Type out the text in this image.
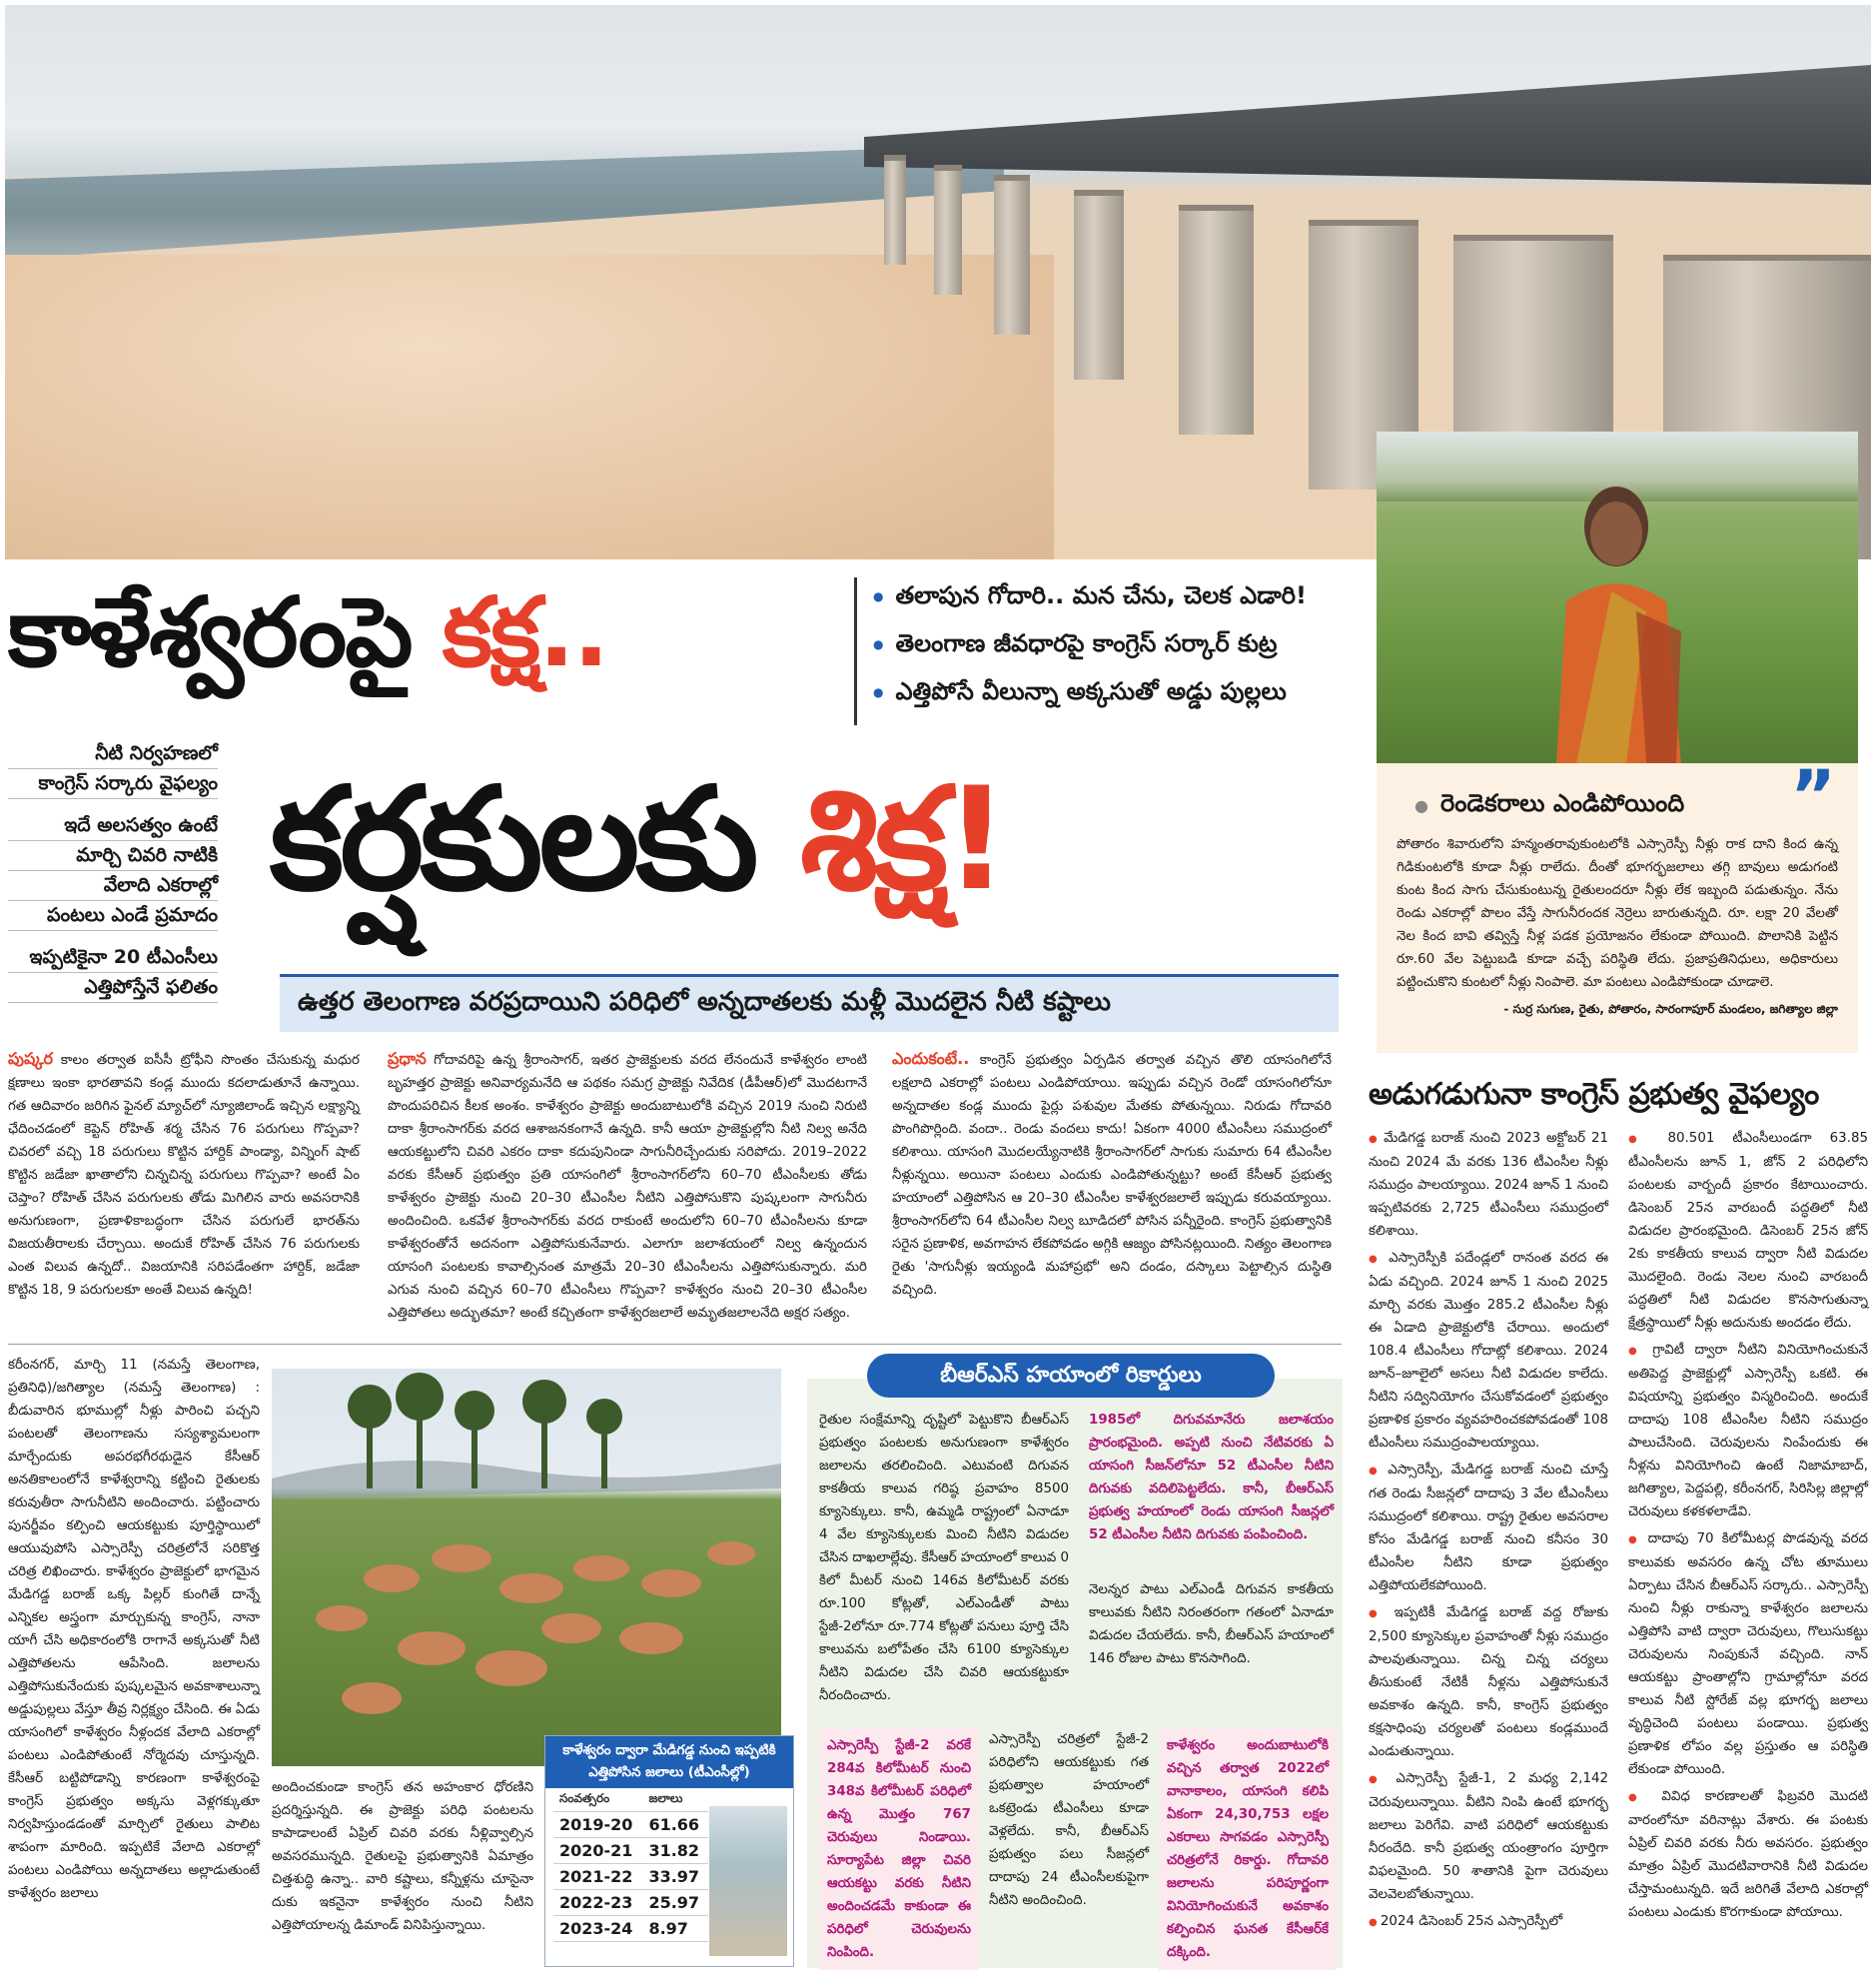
కాళేశ్వరంపై కక్ష..	● తలాపున గోదారి.. మన చేను, చెలక ఎడారి!
● తెలంగాణ జీవధారపై కాంగ్రెస్ సర్కార్ కుట్ర
● ఎత్తిపోసే వీలున్నా అక్కసుతో అడ్డు పుల్లలు

నీటి నిర్వహణలో

కాంగ్రెస్ సర్కారు వైఫల్యం

ఇదే అలసత్వం ఉంటే

మార్చి చివరి నాటికి

వేలాది ఎకరాల్లో

పంటలు ఎండే ప్రమాదం

ఇప్పటికైనా 20 టీఎంసీలు

ఎత్తిపోస్తేనే ఫలితం

కర్షకులకు శిక్ష!
ఉత్తర తెలంగాణ వరప్రదాయిని పరిధిలో అన్నదాతలకు మళ్లీ మొదలైన నీటి కష్టాలు
”
● రెండెకరాలు ఎండిపోయింది

పోతారం శివారులోని హన్మంతరావుకుంటలోకి ఎస్సారెస్పీ నీళ్లు రాక దాని కింద ఉన్న గిడికుంటలోకి కూడా నీళ్లు రాలేదు. దీంతో భూగర్భజలాలు తగ్గి బావులు అడుగంటి కుంట కింద సాగు చేసుకుంటున్న రైతులందరూ నీళ్లు లేక ఇబ్బంది పడుతున్నం. నేను రెండు ఎకరాల్లో పొలం వేస్తే సాగునీరందక నెర్రెలు బారుతున్నది. రూ. లక్షా 20 వేలతో నెల కింద బావి తవ్విస్తే నీళ్ల పడక ప్రయోజనం లేకుండా పోయింది. పొలానికి పెట్టిన రూ.60 వేల పెట్టుబడి కూడా వచ్చే పరిస్థితి లేదు. ప్రజాప్రతినిధులు, అధికారులు పట్టించుకొని కుంటలో నీళ్లు నింపాలె. మా పంటలు ఎండిపోకుండా చూడాలె.

- సుర్ర సుగుణ, రైతు, పోతారం, సారంగాపూర్ మండలం, జగిత్యాల జిల్లా

పుష్కర కాలం తర్వాత ఐసీసీ ట్రోఫీని సొంతం చేసుకున్న మధుర క్షణాలు ఇంకా భారతావని కండ్ల ముందు కదలాడుతూనే ఉన్నాయి. గత ఆదివారం జరిగిన ఫైనల్ మ్యాచ్‌లో న్యూజిలాండ్ ఇచ్చిన లక్ష్యాన్ని ఛేదించడంలో కెప్టెన్ రోహిత్ శర్మ చేసిన 76 పరుగులు గొప్పవా? చివరలో వచ్చి 18 పరుగులు కొట్టిన హార్దిక్ పాండ్యా, విన్నింగ్ షాట్ కొట్టిన జడేజా ఖాతాలోని చిన్నచిన్న పరుగులు గొప్పవా? అంటే ఏం చెప్తాం? రోహిత్ చేసిన పరుగులకు తోడు మిగిలిన వారు అవసరానికి అనుగుణంగా, ప్రణాళికాబద్ధంగా చేసిన పరుగులే భారత్‌ను విజయతీరాలకు చేర్చాయి. అందుకే రోహిత్ చేసిన 76 పరుగులకు ఎంత విలువ ఉన్నదో.. విజయానికి సరిపడేంతగా హార్దిక్, జడేజా కొట్టిన 18, 9 పరుగులకూ అంతే విలువ ఉన్నది!
ప్రధాన గోదావరిపై ఉన్న శ్రీరాంసాగర్, ఇతర ప్రాజెక్టులకు వరద లేనందునే కాళేశ్వరం లాంటి బృహత్తర ప్రాజెక్టు అనివార్యమనేది ఆ పథకం సమగ్ర ప్రాజెక్టు నివేదిక (డీపీఆర్)లో మొదటగానే పొందుపరిచిన కీలక అంశం. కాళేశ్వరం ప్రాజెక్టు అందుబాటులోకి వచ్చిన 2019 నుంచి నిరుటి దాకా శ్రీరాంసాగర్‌కు వరద ఆశాజనకంగానే ఉన్నది. కానీ ఆయా ప్రాజెక్టుల్లోని నీటి నిల్వ అనేది ఆయకట్టులోని చివరి ఎకరం దాకా కదుపునిండా సాగునీరిచ్చేందుకు సరిపోదు. 2019–2022 వరకు కేసీఆర్ ప్రభుత్వం ప్రతి యాసంగిలో శ్రీరాంసాగర్‌లోని 60–70 టీఎంసీలకు తోడు కాళేశ్వరం ప్రాజెక్టు నుంచి 20–30 టీఎంసీల నీటిని ఎత్తిపోసుకొని పుష్కలంగా సాగునీరు అందించింది. ఒకవేళ శ్రీరాంసాగర్‌కు వరద రాకుంటే అందులోని 60–70 టీఎంసీలను కూడా కాళేశ్వరంతోనే అదనంగా ఎత్తిపోసుకునేవారు. ఎలాగూ జలాశయంలో నిల్వ ఉన్నందున యాసంగి పంటలకు కావాల్సినంత మాత్రమే 20–30 టీఎంసీలను ఎత్తిపోసుకున్నారు. మరి ఎగువ నుంచి వచ్చిన 60–70 టీఎంసీలు గొప్పవా? కాళేశ్వరం నుంచి 20–30 టీఎంసీల ఎత్తిపోతలు అద్భుతమా? అంటే కచ్చితంగా కాళేశ్వరజలాలే అమృతజలాలనేది అక్షర సత్యం.
ఎందుకంటే.. కాంగ్రెస్ ప్రభుత్వం ఏర్పడిన తర్వాత వచ్చిన తొలి యాసంగిలోనే లక్షలాది ఎకరాల్లో పంటలు ఎండిపోయాయి. ఇప్పుడు వచ్చిన రెండో యాసంగిలోనూ అన్నదాతల కండ్ల ముందు పైర్లు పశువుల మేతకు పోతున్నయి. నిరుడు గోదావరి పొంగిపొర్లింది. వందా.. రెండు వందలు కాదు! ఏకంగా 4000 టీఎంసీలు సముద్రంలో కలిశాయి. యాసంగి మొదలయ్యేనాటికి శ్రీరాంసాగర్‌లో సాగుకు సుమారు 64 టీఎంసీల నీళ్లున్నయి. అయినా పంటలు ఎందుకు ఎండిపోతున్నట్టు? అంటే కేసీఆర్ ప్రభుత్వ హయాంలో ఎత్తిపోసిన ఆ 20–30 టీఎంసీల కాళేశ్వరజలాలే ఇప్పుడు కరువయ్యాయి. శ్రీరాంసాగర్‌లోని 64 టీఎంసీల నిల్వ బూడిదలో పోసిన పన్నీరైంది. కాంగ్రెస్ ప్రభుత్వానికి సరైన ప్రణాళిక, అవగాహన లేకపోవడం అగ్గికి ఆజ్యం పోసినట్లయింది. నిత్యం తెలంగాణ రైతు 'సాగునీళ్లు ఇయ్యండి మహాప్రభో' అని దండం, దస్కాలు పెట్టాల్సిన దుస్థితి వచ్చింది.
కరీంనగర్, మార్చి 11 (నమస్తే తెలంగాణ, ప్రతినిధి)/జగిత్యాల (నమస్తే తెలంగాణ) : బీడువారిన భూముల్లో నీళ్లు పారించి పచ్చని పంటలతో తెలంగాణను సస్యశ్యామలంగా మార్చేందుకు అపరభగీరథుడైన కేసీఆర్ అనతికాలంలోనే కాళేశ్వరాన్ని కట్టించి రైతులకు కరువుతీరా సాగునీటిని అందించారు. పట్టించారు పునర్జీవం కల్పించి ఆయకట్టుకు పూర్తిస్థాయిలో ఆయువుపోసి ఎస్సారెస్పీ చరిత్రలోనే సరికొత్త చరిత్ర లిఖించారు. కాళేశ్వరం ప్రాజెక్టులో భాగమైన మేడిగడ్డ బరాజ్ ఒక్క పిల్లర్ కుంగితే దాన్నే ఎన్నికల అస్త్రంగా మార్చుకున్న కాంగ్రెస్, నానా యాగీ చేసి అధికారంలోకి రాగానే అక్కసుతో నీటి ఎత్తిపోతలను ఆపేసింది. జలాలను ఎత్తిపోసుకునేందుకు పుష్కలమైన అవకాశాలున్నా అడ్డుపుల్లలు వేస్తూ తీవ్ర నిర్లక్ష్యం చేసింది. ఈ ఏడు యాసంగిలో కాళేశ్వరం నీళ్లందక వేలాది ఎకరాల్లో పంటలు ఎండిపోతుంటే నోర్మెదవు చూస్తున్నది. కేసీఆర్ బట్టిపోడాన్ని కారణంగా కాళేశ్వరంపై కాంగ్రెస్ ప్రభుత్వం అక్కసు వెళ్లగక్కుతూ నిర్వహిస్తుండడంతో మార్చిలో రైతులు పాలిట శాపంగా మారింది. ఇప్పటికే వేలాది ఎకరాల్లో పంటలు ఎండిపోయి అన్నదాతలు అల్లాడుతుంటే కాళేశ్వరం జలాలు
కాళేశ్వరం ద్వారా మేడిగడ్డ నుంచి ఇప్పటికి ఎత్తిపోసిన జలాలు (టీఎంసీల్లో)
సంవత్సరం	జలాలు
2019-20	61.66
2020-21	31.82
2021-22	33.97
2022-23	25.97
2023-24	8.97
అందించకుండా కాంగ్రెస్ తన అహంకార ధోరణిని ప్రదర్శిస్తున్నది. ఈ ప్రాజెక్టు పరిధి పంటలను కాపాడాలంటే ఏప్రిల్ చివరి వరకు నీళ్లివ్వాల్సిన అవసరమున్నది. రైతులపై ప్రభుత్వానికి ఏమాత్రం చిత్తశుద్ధి ఉన్నా.. వారి కష్టాలు, కన్నీళ్లను చూసైనా దుకు ఇకనైనా కాళేశ్వరం నుంచి నీటిని ఎత్తిపోయాలన్న డిమాండ్ వినిపిస్తున్నాయి.
బీఆర్ఎస్ హయాంలో రికార్డులు
రైతుల సంక్షేమాన్ని దృష్టిలో పెట్టుకొని బీఆర్ఎస్ ప్రభుత్వం పంటలకు అనుగుణంగా కాళేశ్వరం జలాలను తరలించింది. ఎటువంటి దిగువన కాకతీయ కాలువ గరిష్ఠ ప్రవాహం 8500 క్యూసెక్కులు. కానీ, ఉమ్మడి రాష్ట్రంలో ఏనాడూ 4 వేల క్యూసెక్కులకు మించి నీటిని విడుదల చేసిన దాఖలాల్లేవు. కేసీఆర్ హయాంలో కాలువ 0 కిలో మీటర్ నుంచి 146వ కిలోమీటర్ వరకు రూ.100 కోట్లతో, ఎల్ఎండీతో పాటు స్టేజీ-2లోనూ రూ.774 కోట్లతో పనులు పూర్తి చేసి కాలువను బలోపేతం చేసి 6100 క్యూసెక్కుల నీటిని విడుదల చేసి చివరి ఆయకట్టుకూ నీరందించారు.
1985లో దిగువమానేరు జలాశయం ప్రారంభమైంది. అప్పటి నుంచి నేటివరకు ఏ యాసంగి సీజన్‌లోనూ 52 టీఎంసీల నీటిని దిగువకు వదిలిపెట్టలేదు. కానీ, బీఆర్ఎస్ ప్రభుత్వ హయాంలో రెండు యాసంగి సీజన్లలో 52 టీఎంసీల నీటిని దిగువకు పంపించింది.
నెలన్నర పాటు ఎల్ఎండీ దిగువన కాకతీయ కాలువకు నీటిని నిరంతరంగా గతంలో ఏనాడూ విడుదల చేయలేదు. కానీ, బీఆర్ఎస్ హయాంలో 146 రోజుల పాటు కొనసాగింది.
ఎస్సారెస్పీ స్టేజీ-2 వరకే 284వ కిలోమీటర్ నుంచి 348వ కిలోమీటర్ పరిధిలో ఉన్న మొత్తం 767 చెరువులు నిండాయి. సూర్యాపేట జిల్లా చివరి ఆయకట్టు వరకు నీటిని అందించడమే కాకుండా ఈ పరిధిలో చెరువులను నింపింది.
ఎస్సారెస్పీ చరిత్రలో స్టేజీ-2 పరిధిలోని ఆయకట్టుకు గత ప్రభుత్వాల హయాంలో ఒకట్రెండు టీఎంసీలు కూడా వెళ్లలేదు. కానీ, బీఆర్ఎస్ ప్రభుత్వం పలు సీజన్లలో దాదాపు 24 టీఎంసీలకుపైగా నీటిని అందించింది.
కాళేశ్వరం అందుబాటులోకి వచ్చిన తర్వాత 2022లో వానాకాలం, యాసంగి కలిపి ఏకంగా 24,30,753 లక్షల ఎకరాలు సాగవడం ఎస్సారెస్పీ చరిత్రలోనే రికార్డు. గోదావరి జలాలను పరిపూర్ణంగా వినియోగించుకునే అవకాశం కల్పించిన ఘనత కేసీఆర్‌కే దక్కింది.
అడుగడుగునా కాంగ్రెస్ ప్రభుత్వ వైఫల్యం
● మేడిగడ్డ బరాజ్ నుంచి 2023 అక్టోబర్ 21 నుంచి 2024 మే వరకు 136 టీఎంసీల నీళ్లు సముద్రం పాలయ్యాయి. 2024 జూన్ 1 నుంచి ఇప్పటివరకు 2,725 టీఎంసీలు సముద్రంలో కలిశాయి.
● ఎస్సారెస్పీకి పదేండ్లలో రానంత వరద ఈ ఏడు వచ్చింది. 2024 జూన్ 1 నుంచి 2025 మార్చి వరకు మొత్తం 285.2 టీఎంసీల నీళ్లు ఈ ఏడాది ప్రాజెక్టులోకి చేరాయి. అందులో 108.4 టీఎంసీలు గోదాట్లో కలిశాయి. 2024 జూన్–జూలైలో అసలు నీటి విడుదల కాలేదు. నీటిని సద్వినియోగం చేసుకోవడంలో ప్రభుత్వం ప్రణాళిక ప్రకారం వ్యవహరించకపోవడంతో 108 టీఎంసీలు సముద్రంపాలయ్యాయి.
● ఎస్సారెస్పీ, మేడిగడ్డ బరాజ్ నుంచి చూస్తే గత రెండు సీజన్లలో దాదాపు 3 వేల టీఎంసీలు సముద్రంలో కలిశాయి. రాష్ట్ర రైతుల అవసరాల కోసం మేడిగడ్డ బరాజ్ నుంచి కనీసం 30 టీఎంసీల నీటిని కూడా ప్రభుత్వం ఎత్తిపోయలేకపోయింది.
● ఇప్పటికీ మేడిగడ్డ బరాజ్ వద్ద రోజుకు 2,500 క్యూసెక్కుల ప్రవాహంతో నీళ్లు సముద్రం పాలవుతున్నాయి. చిన్న చిన్న చర్యలు తీసుకుంటే నేటికీ నీళ్లను ఎత్తిపోసుకునే అవకాశం ఉన్నది. కానీ, కాంగ్రెస్ ప్రభుత్వం కక్షసాధింపు చర్యలతో పంటలు కండ్లముందే ఎండుతున్నాయి.
● ఎస్సారెస్పీ స్టేజీ-1, 2 మధ్య 2,142 చెరువులున్నాయి. వీటిని నింపి ఉంటే భూగర్భ జలాలు పెరిగేవి. వాటి పరిధిలో ఆయకట్టుకు నీరందేది. కానీ ప్రభుత్వ యంత్రాంగం పూర్తిగా విఫలమైంది. 50 శాతానికి పైగా చెరువులు వెలవెలబోతున్నాయి.
● 2024 డిసెంబర్ 25న ఎస్సారెస్పీలో
● 80.501 టీఎంసీలుండగా 63.85 టీఎంసీలను జూన్ 1, జోన్ 2 పరిధిలోని పంటలకు వార్బందీ ప్రకారం కేటాయించారు. డిసెంబర్ 25న వారబందీ పద్ధతిలో నీటి విడుదల ప్రారంభమైంది. డిసెంబర్ 25న జోన్ 2కు కాకతీయ కాలువ ద్వారా నీటి విడుదల మొదలైంది. రెండు నెలల నుంచి వారబందీ పద్ధతిలో నీటి విడుదల కొనసాగుతున్నా క్షేత్రస్థాయిలో నీళ్లు అదునుకు అందడం లేదు.
● గ్రావిటీ ద్వారా నీటిని వినియోగించుకునే అతిపెద్ద ప్రాజెక్టుల్లో ఎస్సారెస్పీ ఒకటి. ఈ విషయాన్ని ప్రభుత్వం విస్మరించింది. అందుకే దాదాపు 108 టీఎంసీల నీటిని సముద్రం పాలుచేసింది. చెరువులను నింపేందుకు ఈ నీళ్లను వినియోగించి ఉంటే నిజామాబాద్, జగిత్యాల, పెద్దపల్లి, కరీంనగర్, సిరిసిల్ల జిల్లాల్లో చెరువులు కళకళలాడేవి.
● దాదాపు 70 కిలోమీటర్ల పొడవున్న వరద కాలువకు అవసరం ఉన్న చోట తూములు ఏర్పాటు చేసిన బీఆర్ఎస్ సర్కారు.. ఎస్సారెస్పీ నుంచి నీళ్లు రాకున్నా కాళేశ్వరం జలాలను ఎత్తిపోసి వాటి ద్వారా చెరువులు, గొలుసుకట్టు చెరువులను నింపుకునే వచ్చింది. నాన్ ఆయకట్టు ప్రాంతాల్లోని గ్రామాల్లోనూ వరద కాలువ నీటి స్టోరేజ్ వల్ల భూగర్భ జలాలు వృద్ధిచెంది పంటలు పండాయి. ప్రభుత్వ ప్రణాళిక లోపం వల్ల ప్రస్తుతం ఆ పరిస్థితి లేకుండా పోయింది.
● వివిధ కారణాలతో ఫిబ్రవరి మొదటి వారంలోనూ వరినాట్లు వేశారు. ఈ పంటకు ఏప్రిల్ చివరి వరకు నీరు అవసరం. ప్రభుత్వం మాత్రం ఏప్రిల్ మొదటివారానికి నీటి విడుదల చేస్తామంటున్నది. ఇదే జరిగితే వేలాది ఎకరాల్లో పంటలు ఎండుకు కొరగాకుండా పోయాయి.
